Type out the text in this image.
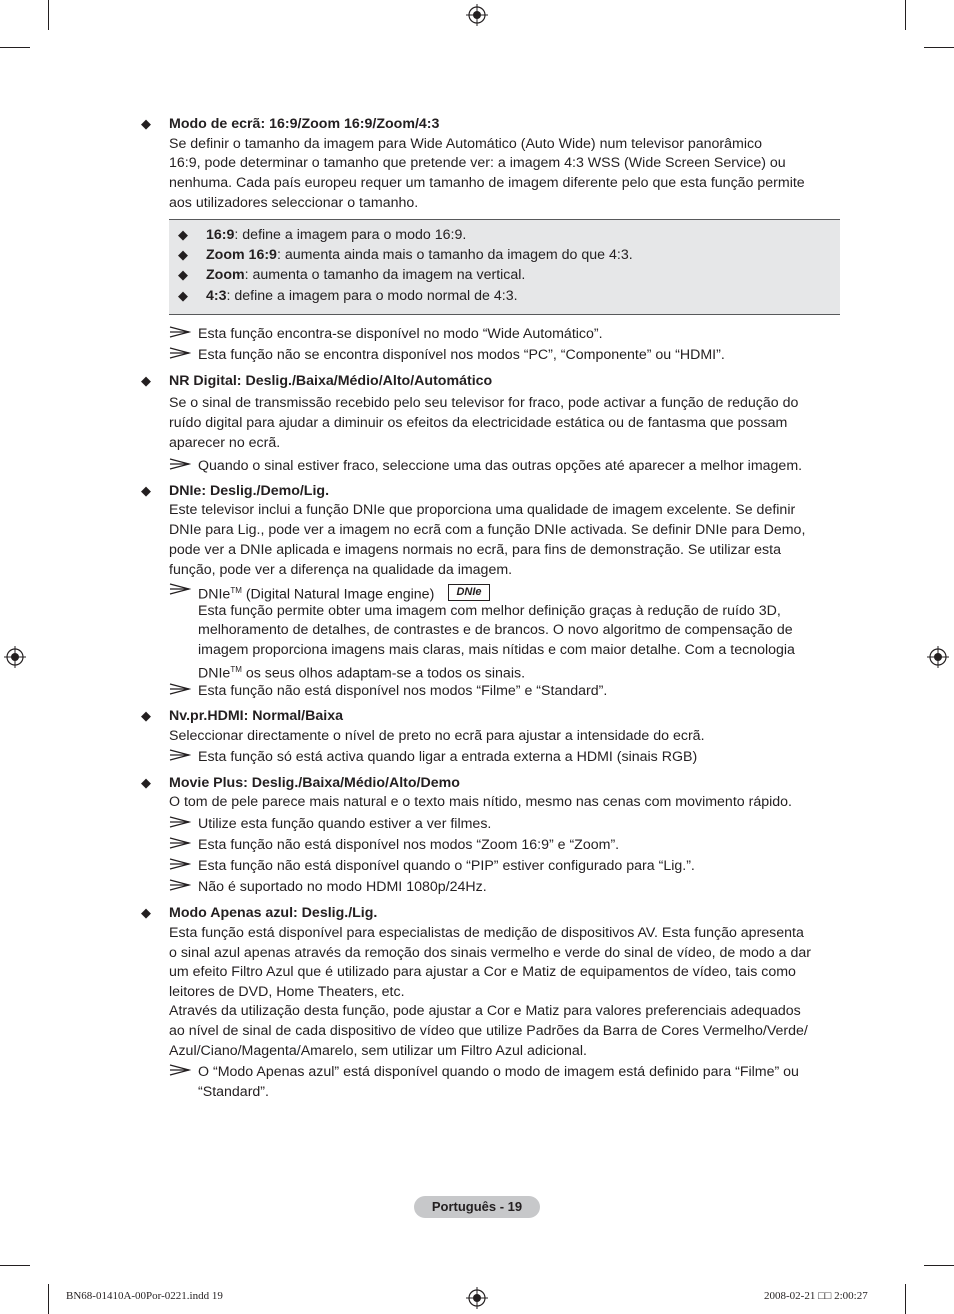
◆ Modo de ecrã: 16:9/Zoom 16:9/Zoom/4:3
Se definir o tamanho da imagem para Wide Automático (Auto Wide) num televisor panorâmico
16:9, pode determinar o tamanho que pretende ver: a imagem 4:3 WSS (Wide Screen Service) ou
nenhuma. Cada país europeu requer um tamanho de imagem diferente pelo que esta função permite
aos utilizadores seleccionar o tamanho.
◆ 16:9: define a imagem para o modo 16:9.
◆ Zoom 16:9: aumenta ainda mais o tamanho da imagem do que 4:3.
◆ Zoom: aumenta o tamanho da imagem na vertical.
◆ 4:3: define a imagem para o modo normal de 4:3.
Esta função encontra-se disponível no modo “Wide Automático”.
Esta função não se encontra disponível nos modos “PC”, “Componente” ou “HDMI”.
◆ NR Digital: Deslig./Baixa/Médio/Alto/Automático
Se o sinal de transmissão recebido pelo seu televisor for fraco, pode activar a função de redução do
ruído digital para ajudar a diminuir os efeitos da electricidade estática ou de fantasma que possam
aparecer no ecrã.
Quando o sinal estiver fraco, seleccione uma das outras opções até aparecer a melhor imagem.
◆ DNIe: Deslig./Demo/Lig.
Este televisor inclui a função DNIe que proporciona uma qualidade de imagem excelente. Se definir
DNIe para Lig., pode ver a imagem no ecrã com a função DNIe activada. Se definir DNIe para Demo,
pode ver a DNIe aplicada e imagens normais no ecrã, para fins de demonstração. Se utilizar esta
função, pode ver a diferença na qualidade da imagem.
DNIe™ (Digital Natural Image engine)	DNIe
Esta função permite obter uma imagem com melhor definição graças à redução de ruído 3D,
melhoramento de detalhes, de contrastes e de brancos. O novo algoritmo de compensação de
imagem proporciona imagens mais claras, mais nítidas e com maior detalhe. Com a tecnologia
DNIe™ os seus olhos adaptam-se a todos os sinais.
Esta função não está disponível nos modos “Filme” e “Standard”.
◆ Nv.pr.HDMI: Normal/Baixa
Seleccionar directamente o nível de preto no ecrã para ajustar a intensidade do ecrã.
Esta função só está activa quando ligar a entrada externa a HDMI (sinais RGB)
◆ Movie Plus: Deslig./Baixa/Médio/Alto/Demo
O tom de pele parece mais natural e o texto mais nítido, mesmo nas cenas com movimento rápido.
Utilize esta função quando estiver a ver filmes.
Esta função não está disponível nos modos “Zoom 16:9” e “Zoom”.
Esta função não está disponível quando o “PIP” estiver configurado para “Lig.”.
Não é suportado no modo HDMI 1080p/24Hz.
◆ Modo Apenas azul: Deslig./Lig.
Esta função está disponível para especialistas de medição de dispositivos AV. Esta função apresenta
o sinal azul apenas através da remoção dos sinais vermelho e verde do sinal de vídeo, de modo a dar
um efeito Filtro Azul que é utilizado para ajustar a Cor e Matiz de equipamentos de vídeo, tais como
leitores de DVD, Home Theaters, etc.
Através da utilização desta função, pode ajustar a Cor e Matiz para valores preferenciais adequados
ao nível de sinal de cada dispositivo de vídeo que utilize Padrões da Barra de Cores Vermelho/Verde/
Azul/Ciano/Magenta/Amarelo, sem utilizar um Filtro Azul adicional.
O “Modo Apenas azul” está disponível quando o modo de imagem está definido para “Filme” ou
“Standard”.
Português - 19
BN68-01410A-00Por-0221.indd 19	2008-02-21 □□ 2:00:27
